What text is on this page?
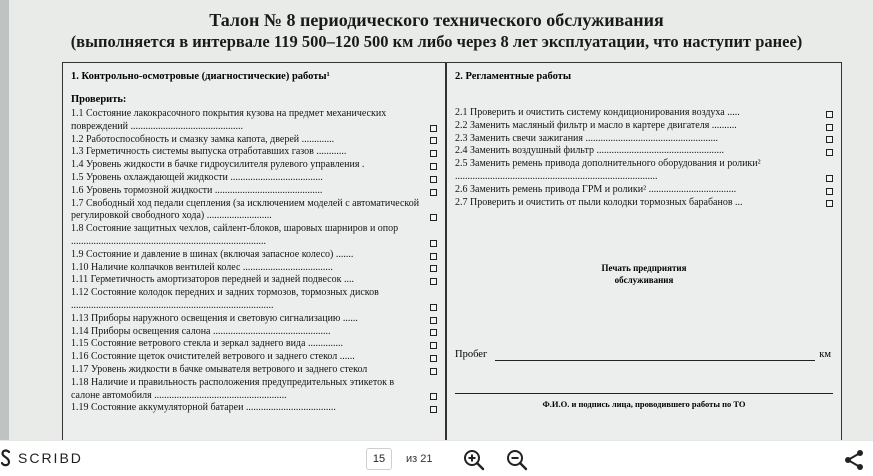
Талон № 8 периодического технического обслуживания
(выполняется в интервале 119 500–120 500 км либо через 8 лет эксплуатации, что наступит ранее)
1. Контрольно-осмотровые (диагностические) работы¹
Проверить:
1.1 Состояние лакокрасочного покрытия кузова на предмет механических повреждений .............................................
1.2 Работоспособность и смазку замка капота, дверей .............
1.3 Герметичность системы выпуска отработавших газов ............
1.4 Уровень жидкости в бачке гидроусилителя рулевого управления .
1.5 Уровень охлаждающей жидкости .....................................
1.6 Уровень тормозной жидкости ...........................................
1.7 Свободный ход педали сцепления (за исключением моделей с автоматической регулировкой свободного хода) ..........................
1.8 Состояние защитных чехлов, сайлент-блоков, шаровых шарниров и опор ..............................................................................
1.9 Состояние и давление в шинах (включая запасное колесо) .......
1.10 Наличие колпачков вентилей колес ....................................
1.11 Герметичность амортизаторов передней и задней подвесок ....
1.12 Состояние колодок передних и задних тормозов, тормозных дисков .................................................................................
1.13 Приборы наружного освещения и световую сигнализацию ......
1.14 Приборы освещения салона ...............................................
1.15 Состояние ветрового стекла и зеркал заднего вида ..............
1.16 Состояние щеток очистителей ветрового и заднего стекол ......
1.17 Уровень жидкости в бачке омывателя ветрового и заднего стекол
1.18 Наличие и правильность расположения предупредительных этикеток в салоне автомобиля .....................................................
1.19 Состояние аккумуляторной батареи ....................................
2. Регламентные работы
2.1 Проверить и очистить систему кондиционирования воздуха .....
2.2 Заменить масляный фильтр и масло в картере двигателя ..........
2.3 Заменить свечи зажигания .....................................................
2.4 Заменить воздушный фильтр ...................................................
2.5 Заменить ремень привода дополнительного оборудования и ролики² .................................................................................
2.6 Заменить ремень привода ГРМ и ролики² ...................................
2.7 Проверить и очистить от пыли колодки тормозных барабанов ...
Печать предприятия
обслуживания
Пробег	км
Ф.И.О. и подпись лица, проводившего работы по ТО
SCRIBD	15	из 21
